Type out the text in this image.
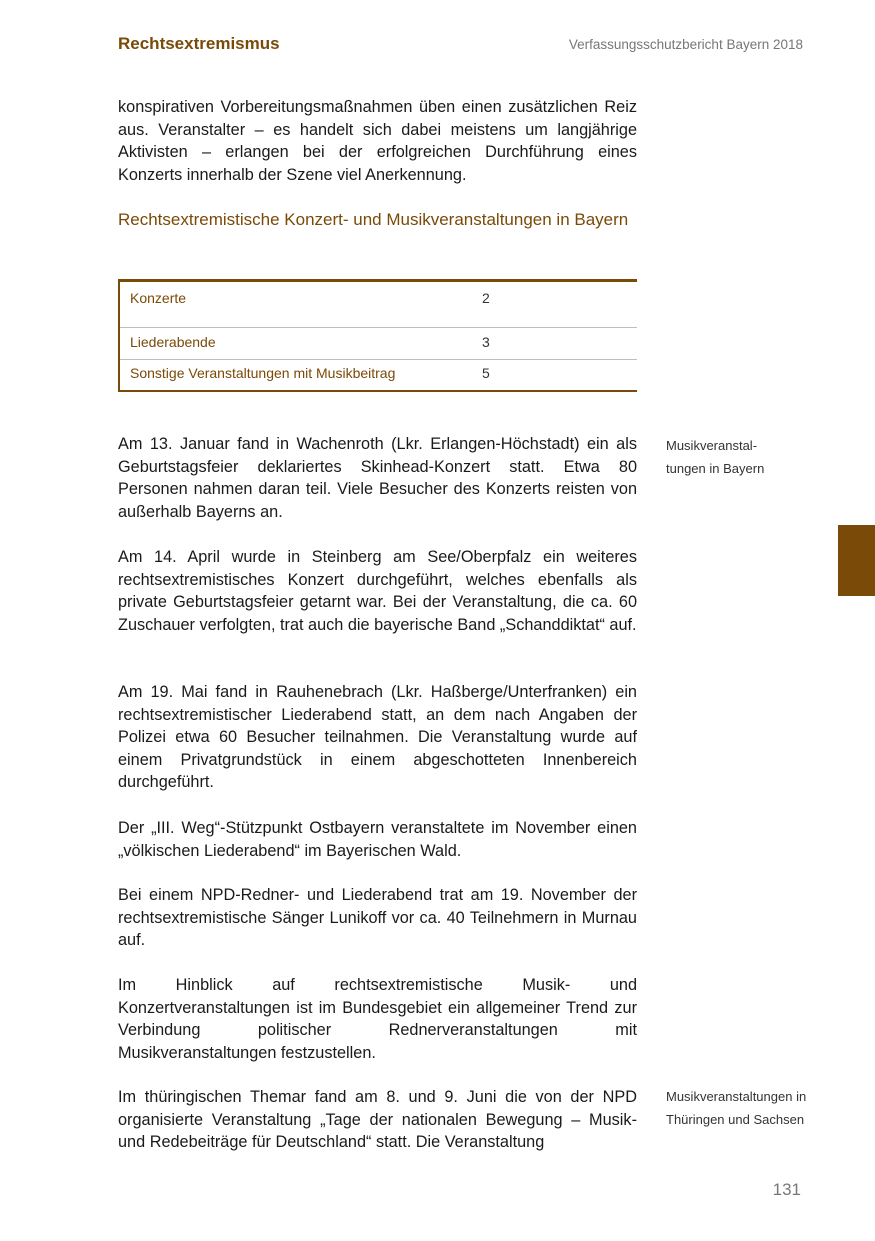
Rechtsextremismus	Verfassungsschutzbericht Bayern 2018

konspirativen Vorbereitungsmaßnahmen üben einen zusätzlichen Reiz aus. Veranstalter – es handelt sich dabei meistens um langjährige Aktivisten – erlangen bei der erfolgreichen Durchführung eines Konzerts innerhalb der Szene viel Anerkennung.

Rechtsextremistische Konzert- und Musikveranstaltungen in Bayern
Konzerte	2
Liederabende	3
Sonstige Veranstaltungen mit Musikbeitrag	5

Am 13. Januar fand in Wachenroth (Lkr. Erlangen-Höchstadt) ein als Geburtstagsfeier deklariertes Skinhead-Konzert statt. Etwa 80 Personen nahmen daran teil. Viele Besucher des Konzerts reisten von außerhalb Bayerns an.

Am 14. April wurde in Steinberg am See/Oberpfalz ein weiteres rechtsextremistisches Konzert durchgeführt, welches ebenfalls als private Geburtstagsfeier getarnt war. Bei der Veranstaltung, die ca. 60 Zuschauer verfolgten, trat auch die bayerische Band „Schanddiktat“ auf.

Am 19. Mai fand in Rauhenebrach (Lkr. Haßberge/Unterfranken) ein rechtsextremistischer Liederabend statt, an dem nach Angaben der Polizei etwa 60 Besucher teilnahmen. Die Veranstaltung wurde auf einem Privatgrundstück in einem abgeschotteten Innenbereich durchgeführt.

Der „III. Weg“-Stützpunkt Ostbayern veranstaltete im November einen „völkischen Liederabend“ im Bayerischen Wald.

Bei einem NPD-Redner- und Liederabend trat am 19. November der rechtsextremistische Sänger Lunikoff vor ca. 40 Teilnehmern in Murnau auf.

Im Hinblick auf rechtsextremistische Musik- und Konzertveranstaltungen ist im Bundesgebiet ein allgemeiner Trend zur Verbindung politischer Rednerveranstaltungen mit Musikveranstaltungen festzustellen.

Im thüringischen Themar fand am 8. und 9. Juni die von der NPD organisierte Veranstaltung „Tage der nationalen Bewegung – Musik- und Redebeiträge für Deutschland“ statt. Die Veranstaltung

Musikveranstaltungen in Bayern
Musikveranstaltungen in Thüringen und Sachsen
131
